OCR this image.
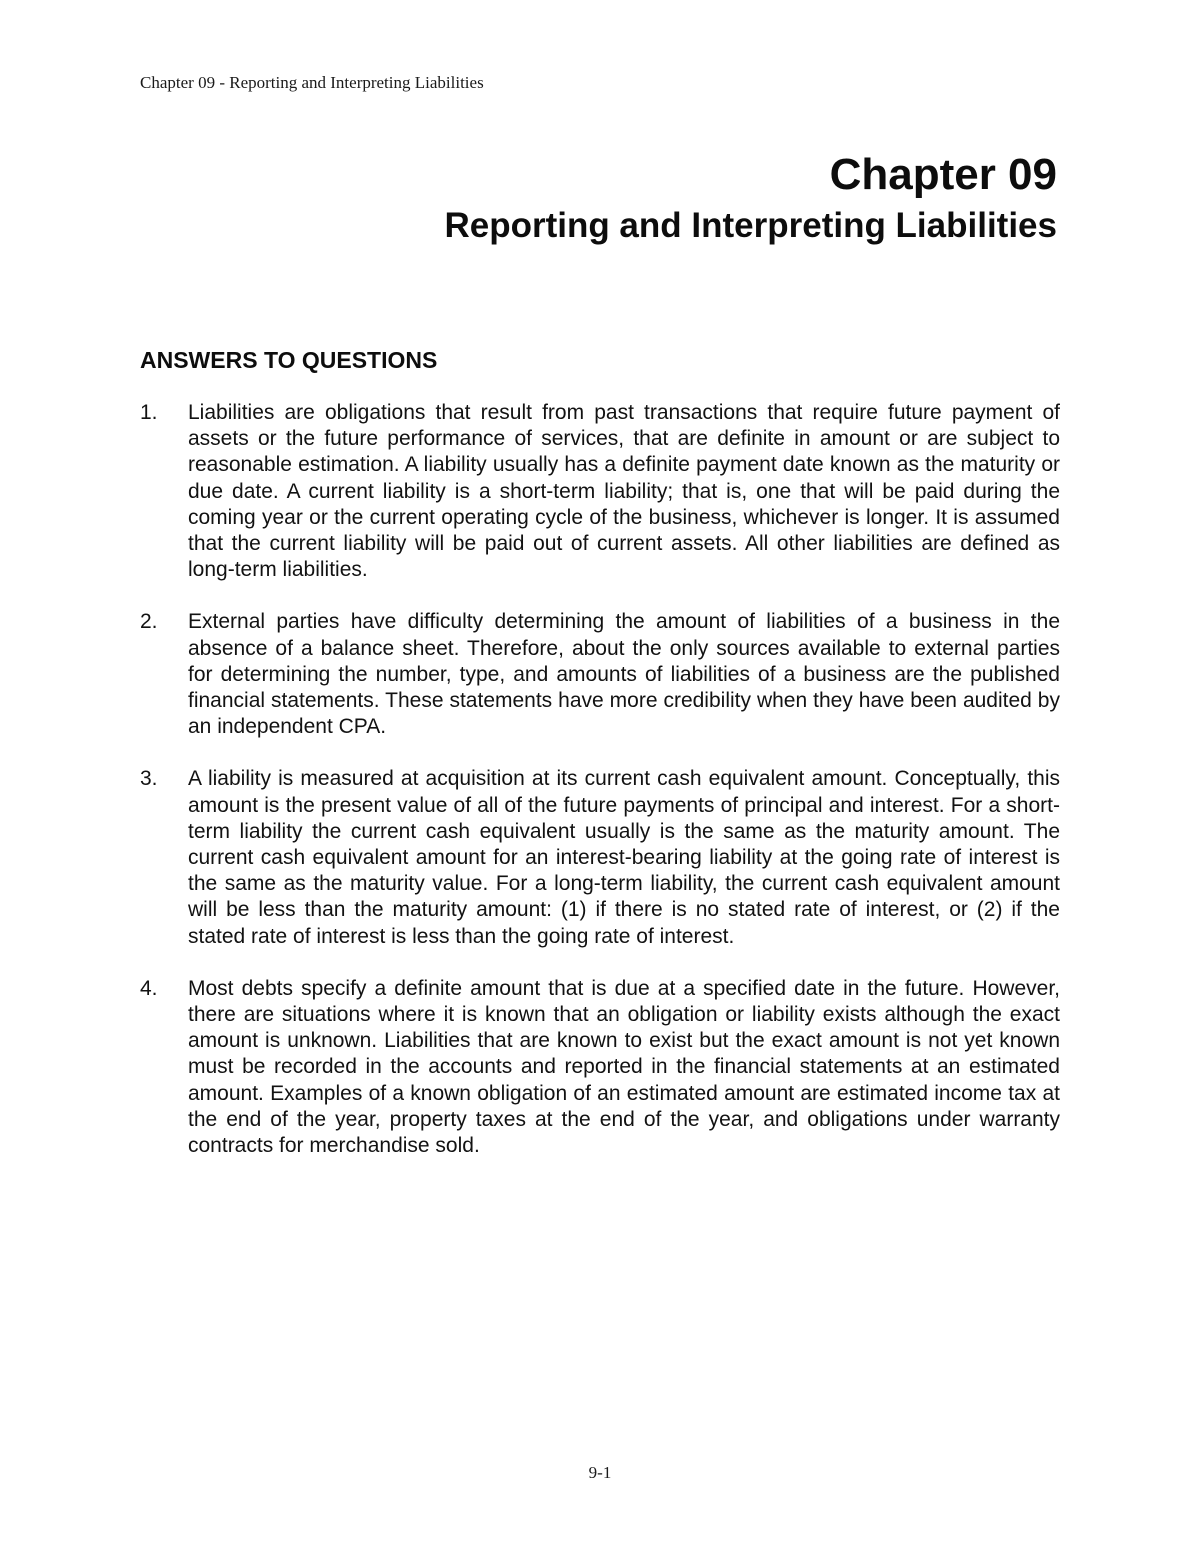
Chapter 09 - Reporting and Interpreting Liabilities
Chapter 09
Reporting and Interpreting Liabilities
ANSWERS TO QUESTIONS
1.	Liabilities are obligations that result from past transactions that require future payment of assets or the future performance of services, that are definite in amount or are subject to reasonable estimation. A liability usually has a definite payment date known as the maturity or due date. A current liability is a short-term liability; that is, one that will be paid during the coming year or the current operating cycle of the business, whichever is longer. It is assumed that the current liability will be paid out of current assets. All other liabilities are defined as long-term liabilities.
2.	External parties have difficulty determining the amount of liabilities of a business in the absence of a balance sheet. Therefore, about the only sources available to external parties for determining the number, type, and amounts of liabilities of a business are the published financial statements. These statements have more credibility when they have been audited by an independent CPA.
3.	A liability is measured at acquisition at its current cash equivalent amount. Conceptually, this amount is the present value of all of the future payments of principal and interest. For a short-term liability the current cash equivalent usually is the same as the maturity amount. The current cash equivalent amount for an interest-bearing liability at the going rate of interest is the same as the maturity value. For a long-term liability, the current cash equivalent amount will be less than the maturity amount: (1) if there is no stated rate of interest, or (2) if the stated rate of interest is less than the going rate of interest.
4.	Most debts specify a definite amount that is due at a specified date in the future. However, there are situations where it is known that an obligation or liability exists although the exact amount is unknown. Liabilities that are known to exist but the exact amount is not yet known must be recorded in the accounts and reported in the financial statements at an estimated amount. Examples of a known obligation of an estimated amount are estimated income tax at the end of the year, property taxes at the end of the year, and obligations under warranty contracts for merchandise sold.
9-1
